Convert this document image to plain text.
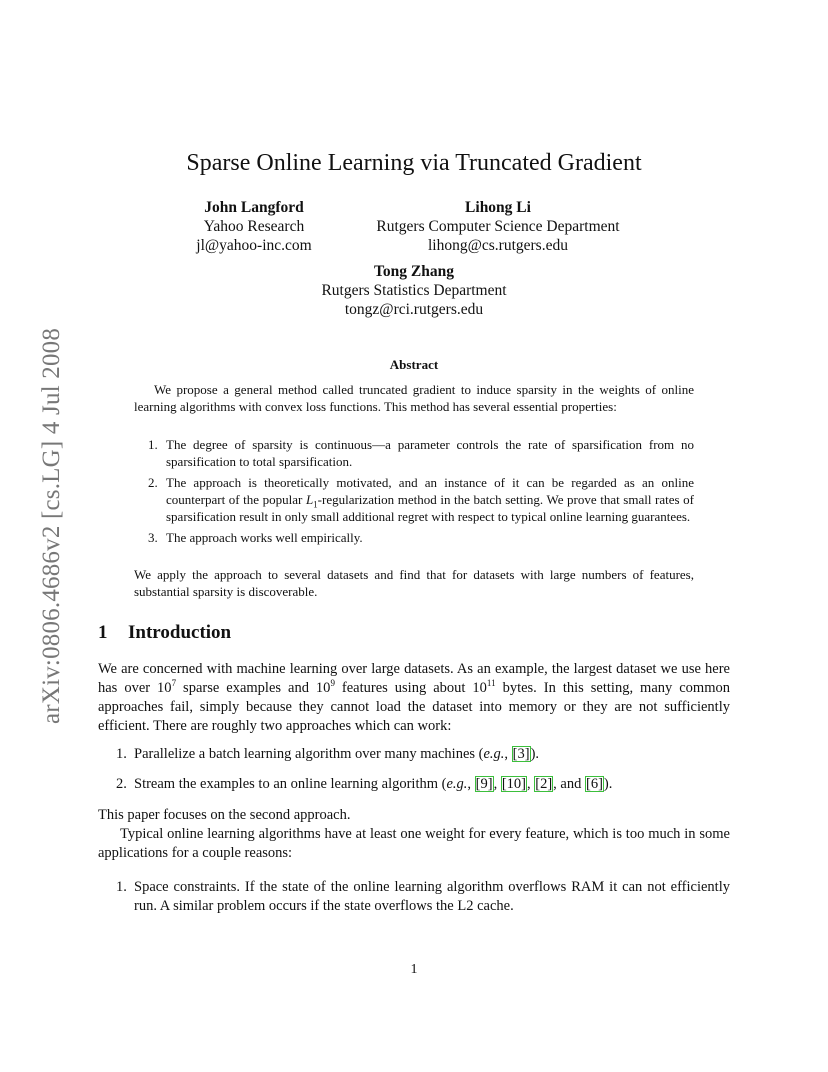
arXiv:0806.4686v2 [cs.LG] 4 Jul 2008
Sparse Online Learning via Truncated Gradient
John Langford
Yahoo Research
jl@yahoo-inc.com
Lihong Li
Rutgers Computer Science Department
lihong@cs.rutgers.edu
Tong Zhang
Rutgers Statistics Department
tongz@rci.rutgers.edu
Abstract
We propose a general method called truncated gradient to induce sparsity in the weights of online learning algorithms with convex loss functions. This method has several essential properties:
1. The degree of sparsity is continuous—a parameter controls the rate of sparsification from no sparsification to total sparsification.
2. The approach is theoretically motivated, and an instance of it can be regarded as an online counterpart of the popular $L_1$-regularization method in the batch setting. We prove that small rates of sparsification result in only small additional regret with respect to typical online learning guarantees.
3. The approach works well empirically.
We apply the approach to several datasets and find that for datasets with large numbers of features, substantial sparsity is discoverable.
1 Introduction
We are concerned with machine learning over large datasets. As an example, the largest dataset we use here has over $10^7$ sparse examples and $10^9$ features using about $10^{11}$ bytes. In this setting, many common approaches fail, simply because they cannot load the dataset into memory or they are not sufficiently efficient. There are roughly two approaches which can work:
1. Parallelize a batch learning algorithm over many machines (e.g., [3]).
2. Stream the examples to an online learning algorithm (e.g., [9], [10], [2], and [6]).
This paper focuses on the second approach.
Typical online learning algorithms have at least one weight for every feature, which is too much in some applications for a couple reasons:
1. Space constraints. If the state of the online learning algorithm overflows RAM it can not efficiently run. A similar problem occurs if the state overflows the L2 cache.
1
